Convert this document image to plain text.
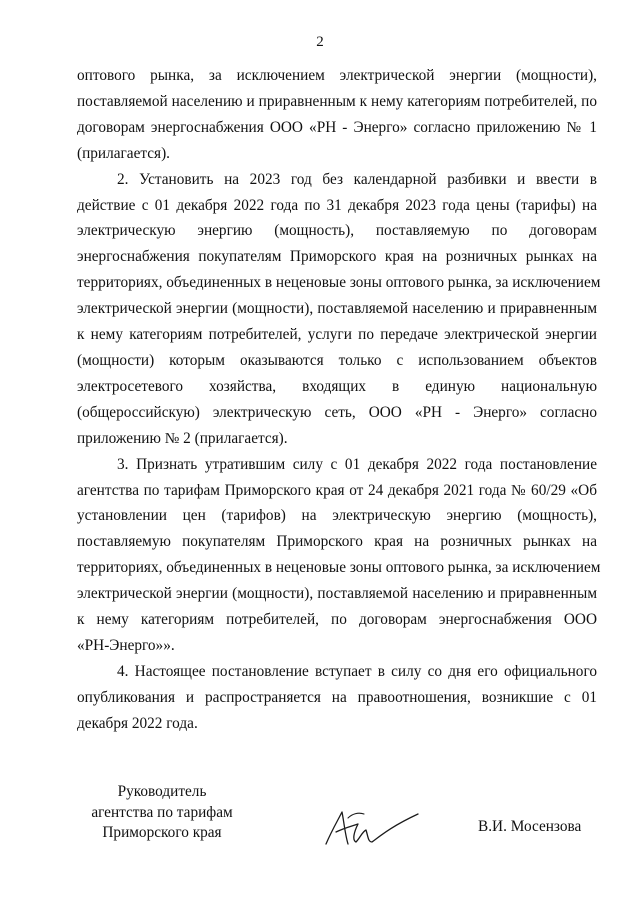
2
оптового рынка, за исключением электрической энергии (мощности),
поставляемой населению и приравненным к нему категориям потребителей, по
договорам энергоснабжения ООО «РН - Энерго» согласно приложению № 1
(прилагается).
2. Установить на 2023 год без календарной разбивки и ввести в
действие с 01 декабря 2022 года по 31 декабря 2023 года цены (тарифы) на
электрическую энергию (мощность), поставляемую по договорам
энергоснабжения покупателям Приморского края на розничных рынках на
территориях, объединенных в неценовые зоны оптового рынка, за исключением
электрической энергии (мощности), поставляемой населению и приравненным
к нему категориям потребителей, услуги по передаче электрической энергии
(мощности) которым оказываются только с использованием объектов
электросетевого хозяйства, входящих в единую национальную
(общероссийскую) электрическую сеть, ООО «РН - Энерго» согласно
приложению № 2 (прилагается).
3. Признать утратившим силу с 01 декабря 2022 года постановление
агентства по тарифам Приморского края от 24 декабря 2021 года № 60/29 «Об
установлении цен (тарифов) на электрическую энергию (мощность),
поставляемую покупателям Приморского края на розничных рынках на
территориях, объединенных в неценовые зоны оптового рынка, за исключением
электрической энергии (мощности), поставляемой населению и приравненным
к нему категориям потребителей, по договорам энергоснабжения ООО
«РН-Энерго»».
4. Настоящее постановление вступает в силу со дня его официального
опубликования и распространяется на правоотношения, возникшие с 01
декабря 2022 года.
Руководитель
агентства по тарифам
Приморского края	В.И. Мосензова
